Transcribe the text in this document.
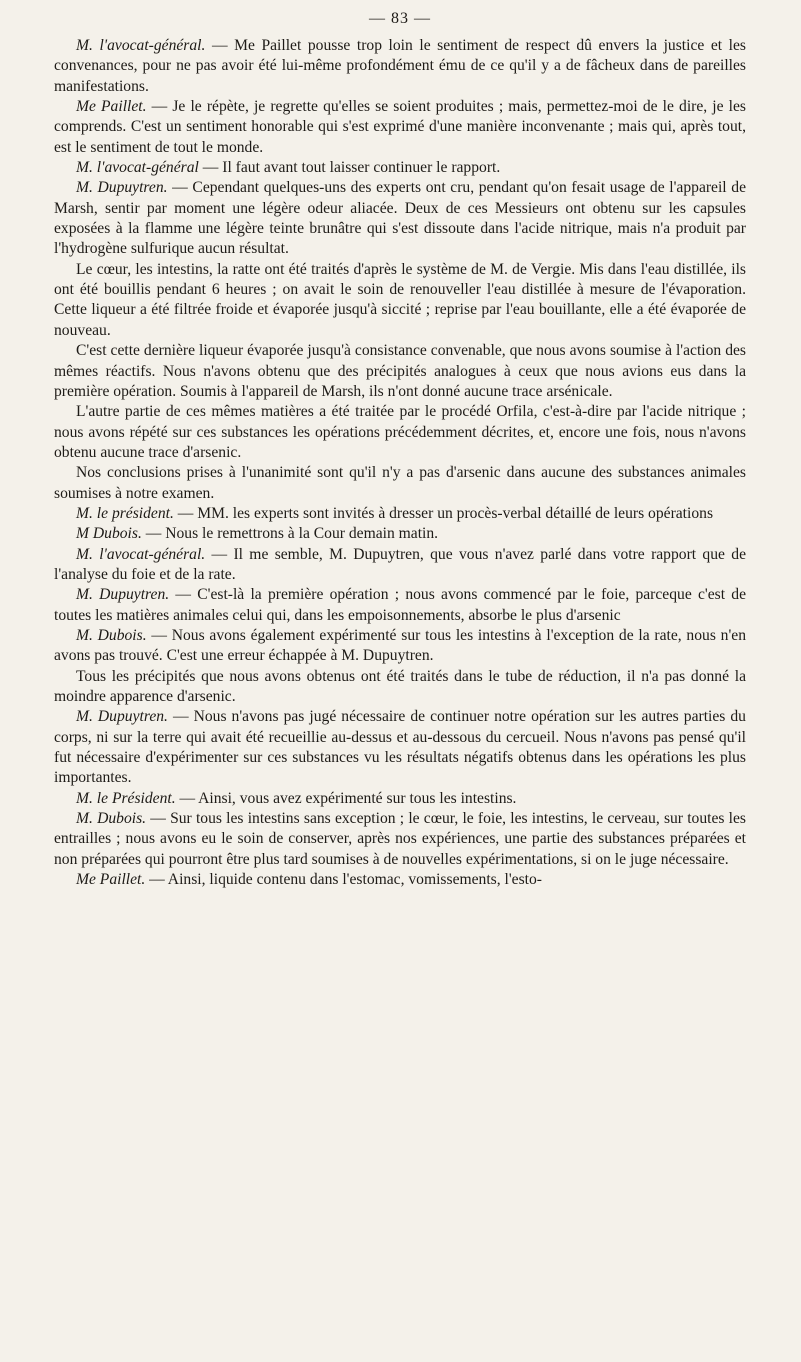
— 83 —

M. l'avocat-général. — Me Paillet pousse trop loin le sentiment de respect dû envers la justice et les convenances, pour ne pas avoir été lui-même profondément ému de ce qu'il y a de fâcheux dans de pareilles manifestations.

Me Paillet. — Je le répète, je regrette qu'elles se soient produites ; mais, permettez-moi de le dire, je les comprends. C'est un sentiment honorable qui s'est exprimé d'une manière inconvenante ; mais qui, après tout, est le sentiment de tout le monde.

M. l'avocat-général — Il faut avant tout laisser continuer le rapport.

M. Dupuytren. — Cependant quelques-uns des experts ont cru, pendant qu'on fesait usage de l'appareil de Marsh, sentir par moment une légère odeur aliacée. Deux de ces Messieurs ont obtenu sur les capsules exposées à la flamme une légère teinte brunâtre qui s'est dissoute dans l'acide nitrique, mais n'a produit par l'hydrogène sulfurique aucun résultat.

Le cœur, les intestins, la ratte ont été traités d'après le système de M. de Vergie. Mis dans l'eau distillée, ils ont été bouillis pendant 6 heures ; on avait le soin de renouveller l'eau distillée à mesure de l'évaporation. Cette liqueur a été filtrée froide et évaporée jusqu'à siccité ; reprise par l'eau bouillante, elle a été évaporée de nouveau.

C'est cette dernière liqueur évaporée jusqu'à consistance convenable, que nous avons soumise à l'action des mêmes réactifs. Nous n'avons obtenu que des précipités analogues à ceux que nous avions eus dans la première opération. Soumis à l'appareil de Marsh, ils n'ont donné aucune trace arsénicale.

L'autre partie de ces mêmes matières a été traitée par le procédé Orfila, c'est-à-dire par l'acide nitrique ; nous avons répété sur ces substances les opérations précédemment décrites, et, encore une fois, nous n'avons obtenu aucune trace d'arsenic.

Nos conclusions prises à l'unanimité sont qu'il n'y a pas d'arsenic dans aucune des substances animales soumises à notre examen.

M. le président. — MM. les experts sont invités à dresser un procès-verbal détaillé de leurs opérations

M Dubois. — Nous le remettrons à la Cour demain matin.

M. l'avocat-général. — Il me semble, M. Dupuytren, que vous n'avez parlé dans votre rapport que de l'analyse du foie et de la rate.

M. Dupuytren. — C'est-là la première opération ; nous avons commencé par le foie, parceque c'est de toutes les matières animales celui qui, dans les empoisonnements, absorbe le plus d'arsenic

M. Dubois. — Nous avons également expérimenté sur tous les intestins à l'exception de la rate, nous n'en avons pas trouvé. C'est une erreur échappée à M. Dupuytren.

Tous les précipités que nous avons obtenus ont été traités dans le tube de réduction, il n'a pas donné la moindre apparence d'arsenic.

M. Dupuytren. — Nous n'avons pas jugé nécessaire de continuer notre opération sur les autres parties du corps, ni sur la terre qui avait été recueillie au-dessus et au-dessous du cercueil. Nous n'avons pas pensé qu'il fut nécessaire d'expérimenter sur ces substances vu les résultats négatifs obtenus dans les opérations les plus importantes.

M. le Président. — Ainsi, vous avez expérimenté sur tous les intestins.

M. Dubois. — Sur tous les intestins sans exception ; le cœur, le foie, les intestins, le cerveau, sur toutes les entrailles ; nous avons eu le soin de conserver, après nos expériences, une partie des substances préparées et non préparées qui pourront être plus tard soumises à de nouvelles expérimentations, si on le juge nécessaire.

Me Paillet. — Ainsi, liquide contenu dans l'estomac, vomissements, l'esto-
